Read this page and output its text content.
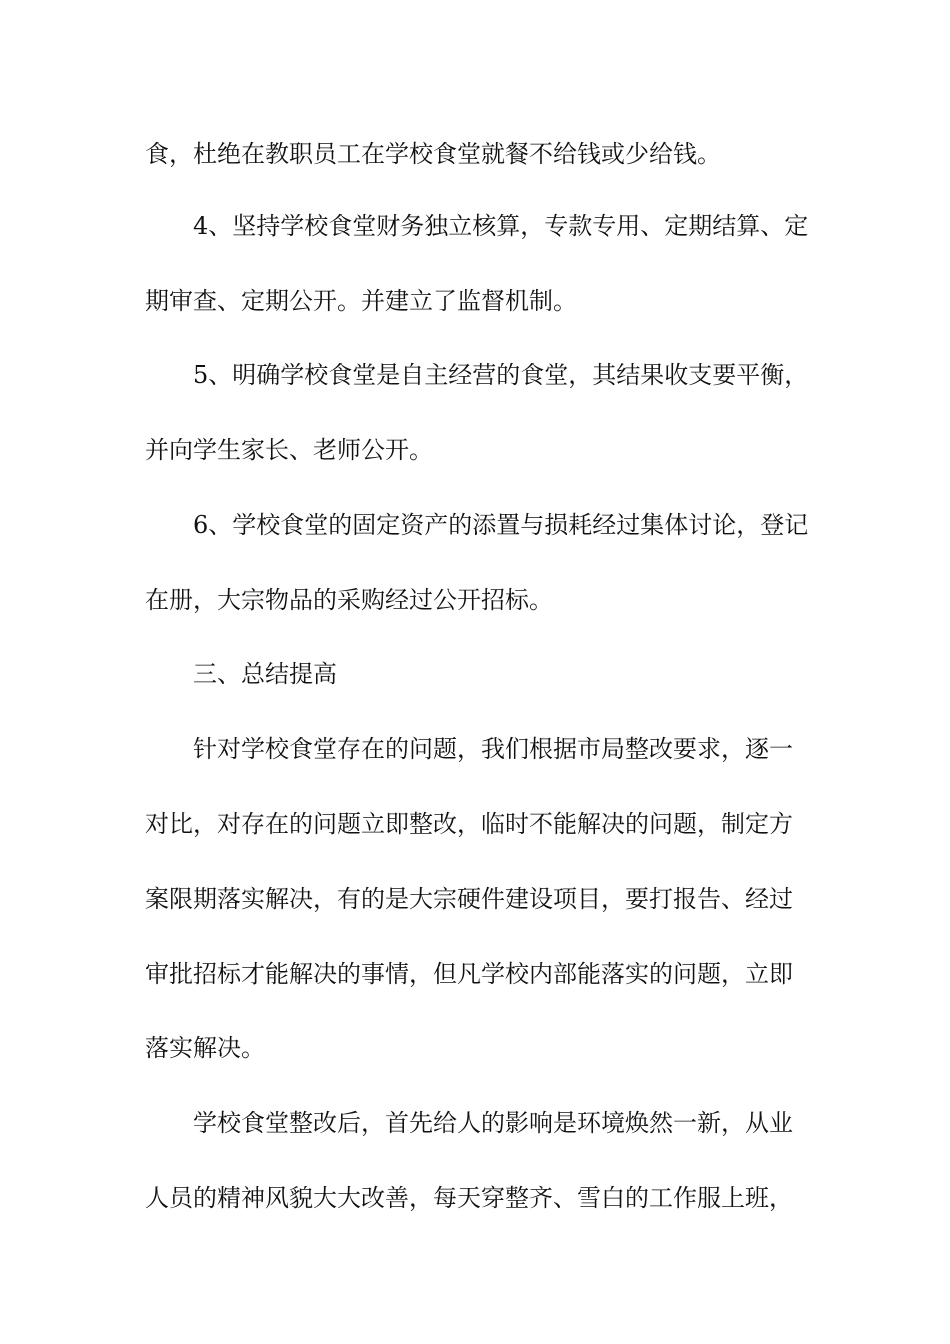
食，杜绝在教职员工在学校食堂就餐不给钱或少给钱。
4、坚持学校食堂财务独立核算，专款专用、定期结算、定
期审查、定期公开。并建立了监督机制。
5、明确学校食堂是自主经营的食堂，其结果收支要平衡，
并向学生家长、老师公开。
6、学校食堂的固定资产的添置与损耗经过集体讨论，登记
在册，大宗物品的采购经过公开招标。
三、总结提高
针对学校食堂存在的问题，我们根据市局整改要求，逐一
对比，对存在的问题立即整改，临时不能解决的问题，制定方
案限期落实解决，有的是大宗硬件建设项目，要打报告、经过
审批招标才能解决的事情，但凡学校内部能落实的问题，立即
落实解决。
学校食堂整改后，首先给人的影响是环境焕然一新，从业
人员的精神风貌大大改善，每天穿整齐、雪白的工作服上班，
